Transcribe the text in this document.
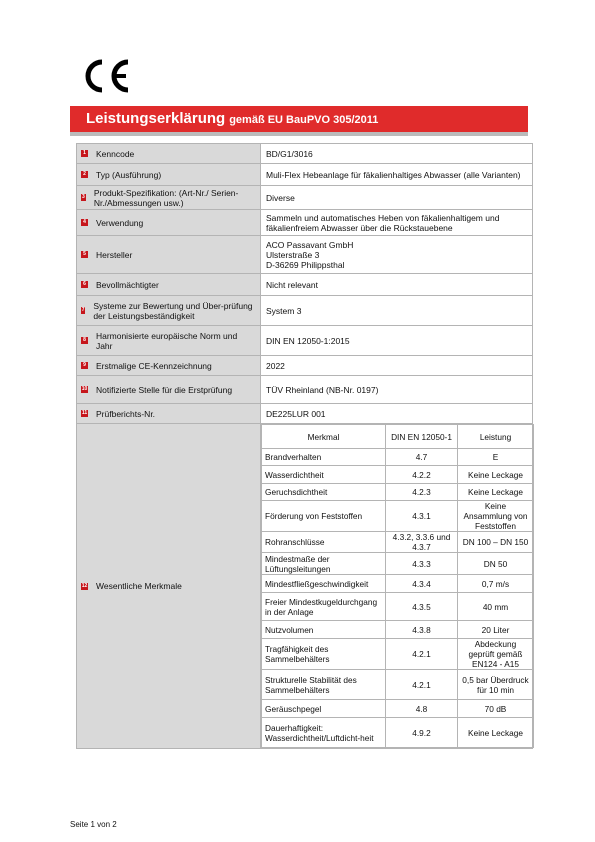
Leistungserklärung gemäß EU BauPVO 305/2011
1 Kenncode	BD/G1/3016

2 Typ (Ausführung)	Muli-Flex Hebeanlage für fäkalienhaltiges Abwasser (alle Varianten)

3 Produkt-Spezifikation: (Art-Nr./ Serien-Nr./Abmessungen usw.)	Diverse

4 Verwendung	Sammeln und automatisches Heben von fäkalienhaltigem und fäkalienfreiem Abwasser über die Rückstauebene

5 Hersteller
	ACO Passavant GmbH
Ulsterstraße 3
D-36269 Philippsthal

6 Bevollmächtigter	Nicht relevant

7 Systeme zur Bewertung und Über-prüfung der Leistungsbeständigkeit	System 3

8 Harmonisierte europäische Norm und Jahr	DIN EN 12050-1:2015

9 Erstmalige CE-Kennzeichnung	2022

10 Notifizierte Stelle für die Erstprüfung	TÜV Rheinland (NB-Nr. 0197)

11 Prüfberichts-Nr.	DE225LUR 001

12 Wesentliche Merkmale

Merkmal	DIN EN 12050-1	Leistung
Brandverhalten	4.7	E
Wasserdichtheit	4.2.2	Keine Leckage
Geruchsdichtheit	4.2.3	Keine Leckage
Förderung von Feststoffen	4.3.1	Keine Ansammlung von Feststoffen
Rohranschlüsse	4.3.2, 3.3.6 und 4.3.7	DN 100 – DN 150
Mindestmaße der Lüftungsleitungen	4.3.3	DN 50
Mindestfließgeschwindigkeit	4.3.4	0,7 m/s
Freier Mindestkugeldurchgang in der Anlage	4.3.5	40 mm
Nutzvolumen	4.3.8	20 Liter
Tragfähigkeit des Sammelbehälters	4.2.1	Abdeckung geprüft gemäß EN124 - A15
Strukturelle Stabilität des Sammelbehälters	4.2.1	0,5 bar Überdruck für 10 min
Geräuschpegel	4.8	70 dB
Dauerhaftigkeit: Wasserdichtheit/Luftdicht-heit	4.9.2	Keine Leckage
Seite 1 von 2
